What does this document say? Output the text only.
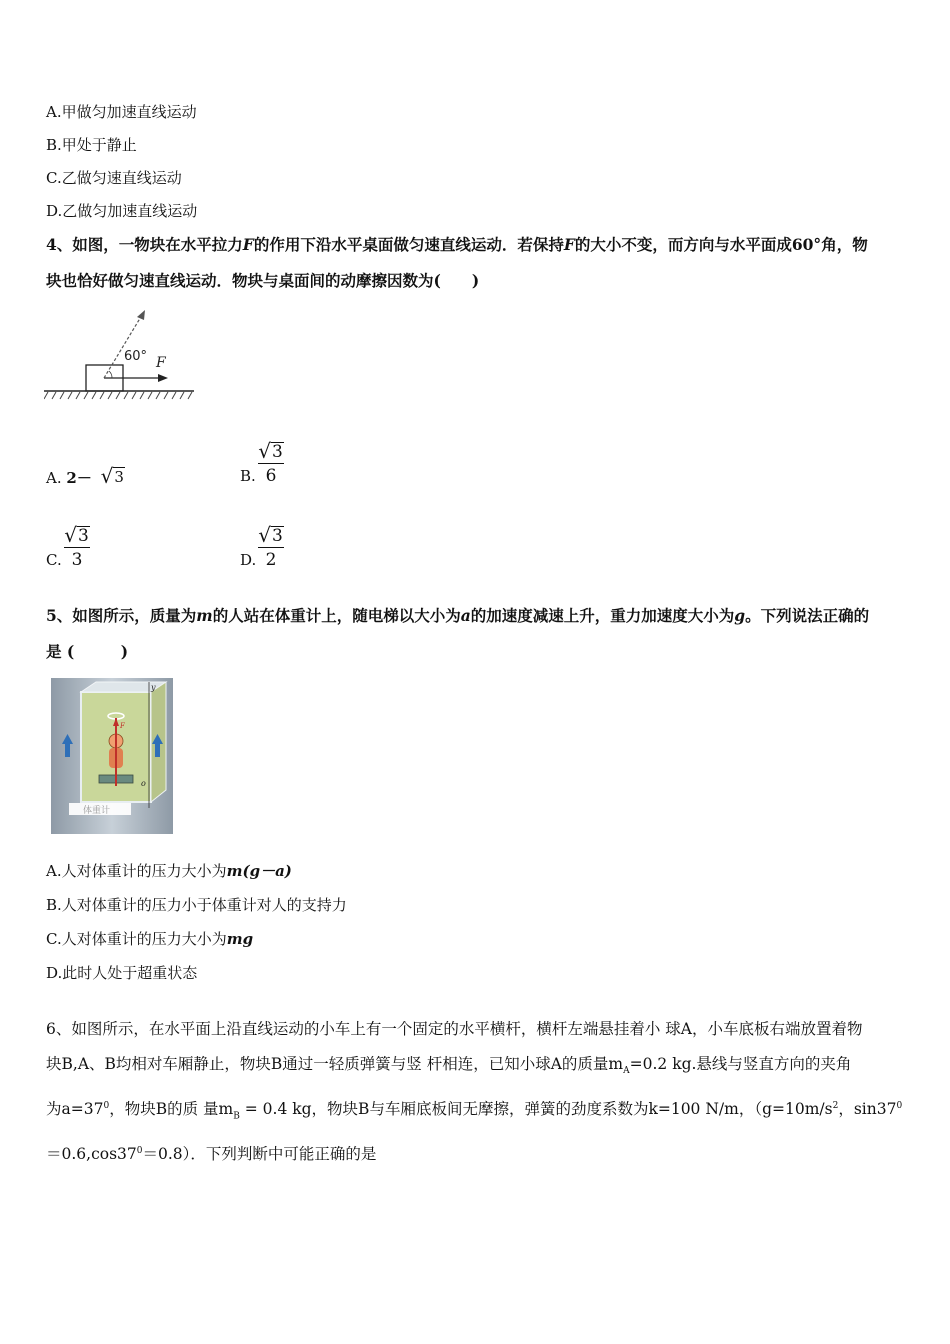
A.甲做匀加速直线运动
B.甲处于静止
C.乙做匀速直线运动
D.乙做匀加速直线运动
4、如图，一物块在水平拉力F的作用下沿水平桌面做匀速直线运动．若保持F的大小不变，而方向与水平面成60°角，物
块也恰好做匀速直线运动．物块与桌面间的动摩擦因数为(　　)
60° F
A. 2－ √ 3	B.
√ 3
6
C.
√ 3
3	D.
√ 3
2
5、如图所示，质量为m的人站在体重计上，随电梯以大小为a的加速度减速上升，重力加速度大小为g。下列说法正确的
是 (　　　)
y
o
F
体重计
A.人对体重计的压力大小为m(g－a)
B.人对体重计的压力小于体重计对人的支持力
C.人对体重计的压力大小为mg
D.此时人处于超重状态
6、如图所示，在水平面上沿直线运动的小车上有一个固定的水平横杆，横杆左端悬挂着小 球A，小车底板右端放置着物
块B,A、B均相对车厢静止，物块B通过一轻质弹簧与竖 杆相连，已知小球A的质量$m_A=0.2$ kg.悬线与竖直方向的夹角
为$a=37^0$，物块B的质 量$m_B = 0.4$ kg，物块B与车厢底板间无摩擦，弹簧的劲度系数为k=100 N/m，（$g=10m/s^2$，$\sin 37^0$
$=0.6,\cos 37^0=0.8$）．下列判断中可能正确的是
